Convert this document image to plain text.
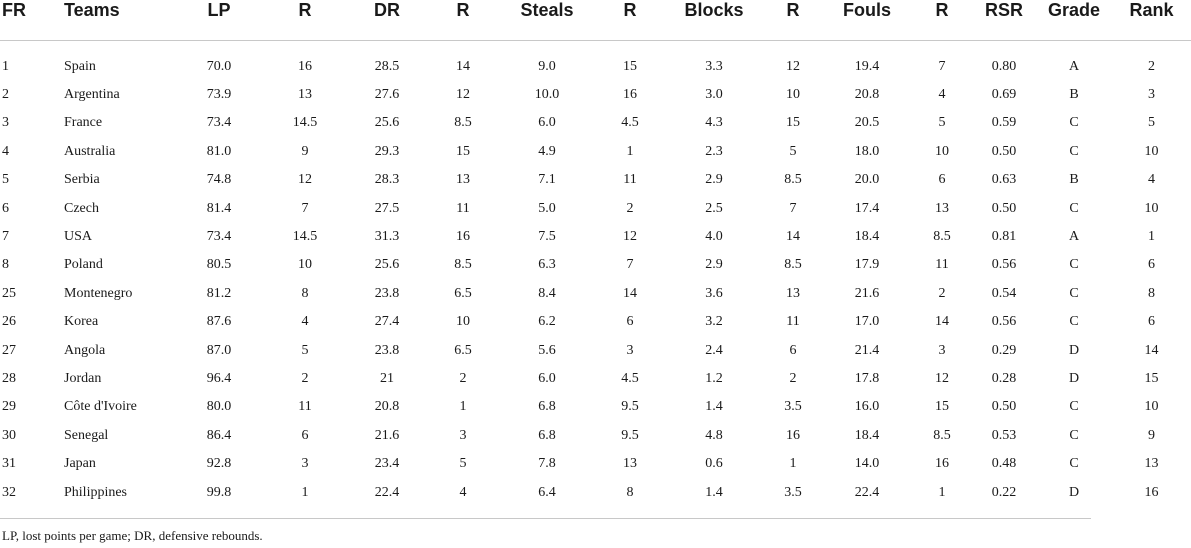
FR	Teams	LP	R	DR	R	Steals	R	Blocks	R	Fouls	R	RSR	Grade	Rank
1	Spain	70.0	16	28.5	14	9.0	15	3.3	12	19.4	7	0.80	A	2
2	Argentina	73.9	13	27.6	12	10.0	16	3.0	10	20.8	4	0.69	B	3
3	France	73.4	14.5	25.6	8.5	6.0	4.5	4.3	15	20.5	5	0.59	C	5
4	Australia	81.0	9	29.3	15	4.9	1	2.3	5	18.0	10	0.50	C	10
5	Serbia	74.8	12	28.3	13	7.1	11	2.9	8.5	20.0	6	0.63	B	4
6	Czech	81.4	7	27.5	11	5.0	2	2.5	7	17.4	13	0.50	C	10
7	USA	73.4	14.5	31.3	16	7.5	12	4.0	14	18.4	8.5	0.81	A	1
8	Poland	80.5	10	25.6	8.5	6.3	7	2.9	8.5	17.9	11	0.56	C	6
25	Montenegro	81.2	8	23.8	6.5	8.4	14	3.6	13	21.6	2	0.54	C	8
26	Korea	87.6	4	27.4	10	6.2	6	3.2	11	17.0	14	0.56	C	6
27	Angola	87.0	5	23.8	6.5	5.6	3	2.4	6	21.4	3	0.29	D	14
28	Jordan	96.4	2	21	2	6.0	4.5	1.2	2	17.8	12	0.28	D	15
29	Côte d'Ivoire	80.0	11	20.8	1	6.8	9.5	1.4	3.5	16.0	15	0.50	C	10
30	Senegal	86.4	6	21.6	3	6.8	9.5	4.8	16	18.4	8.5	0.53	C	9
31	Japan	92.8	3	23.4	5	7.8	13	0.6	1	14.0	16	0.48	C	13
32	Philippines	99.8	1	22.4	4	6.4	8	1.4	3.5	22.4	1	0.22	D	16
LP, lost points per game; DR, defensive rebounds.
